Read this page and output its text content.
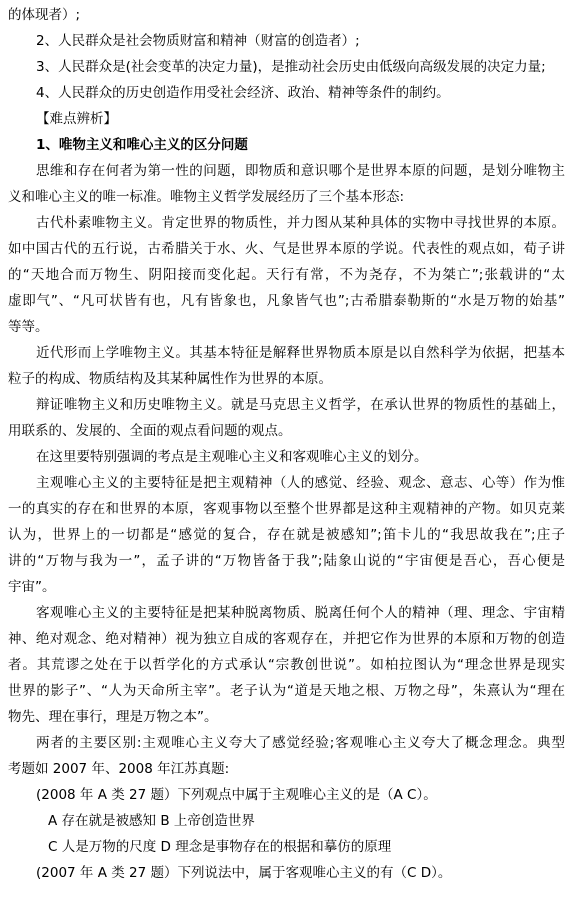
的体现者）;
2、人民群众是社会物质财富和精神（财富的创造者）;
3、人民群众是(社会变革的决定力量)，是推动社会历史由低级向高级发展的决定力量;
4、人民群众的历史创造作用受社会经济、政治、精神等条件的制约。
【难点辨析】
1、唯物主义和唯心主义的区分问题
思维和存在何者为第一性的问题，即物质和意识哪个是世界本原的问题，是划分唯物主
义和唯心主义的唯一标准。唯物主义哲学发展经历了三个基本形态:
古代朴素唯物主义。肯定世界的物质性，并力图从某种具体的实物中寻找世界的本原。
如中国古代的五行说，古希腊关于水、火、气是世界本原的学说。代表性的观点如，荀子讲
的“天地合而万物生、阴阳接而变化起。天行有常，不为尧存，不为桀亡”;张载讲的“太
虚即气”、“凡可状皆有也，凡有皆象也，凡象皆气也”;古希腊泰勒斯的“水是万物的始基”
等等。
近代形而上学唯物主义。其基本特征是解释世界物质本原是以自然科学为依据，把基本
粒子的构成、物质结构及其某种属性作为世界的本原。
辩证唯物主义和历史唯物主义。就是马克思主义哲学，在承认世界的物质性的基础上，
用联系的、发展的、全面的观点看问题的观点。
在这里要特别强调的考点是主观唯心主义和客观唯心主义的划分。
主观唯心主义的主要特征是把主观精神（人的感觉、经验、观念、意志、心等）作为惟
一的真实的存在和世界的本原，客观事物以至整个世界都是这种主观精神的产物。如贝克莱
认为，世界上的一切都是“感觉的复合，存在就是被感知”;笛卡儿的“我思故我在”;庄子
讲的“万物与我为一”，孟子讲的“万物皆备于我”;陆象山说的“宇宙便是吾心，吾心便是
宇宙”。
客观唯心主义的主要特征是把某种脱离物质、脱离任何个人的精神（理、理念、宇宙精
神、绝对观念、绝对精神）视为独立自成的客观存在，并把它作为世界的本原和万物的创造
者。其荒谬之处在于以哲学化的方式承认“宗教创世说”。如柏拉图认为“理念世界是现实
世界的影子”、“人为天命所主宰”。老子认为“道是天地之根、万物之母”，朱熹认为“理在
物先、理在事行，理是万物之本”。
两者的主要区别:主观唯心主义夸大了感觉经验;客观唯心主义夸大了概念理念。典型
考题如 2007 年、2008 年江苏真题:
(2008 年 A 类 27 题）下列观点中属于主观唯心主义的是（A C）。
A 存在就是被感知 B 上帝创造世界
C 人是万物的尺度 D 理念是事物存在的根据和摹仿的原理
(2007 年 A 类 27 题）下列说法中，属于客观唯心主义的有（C D）。
